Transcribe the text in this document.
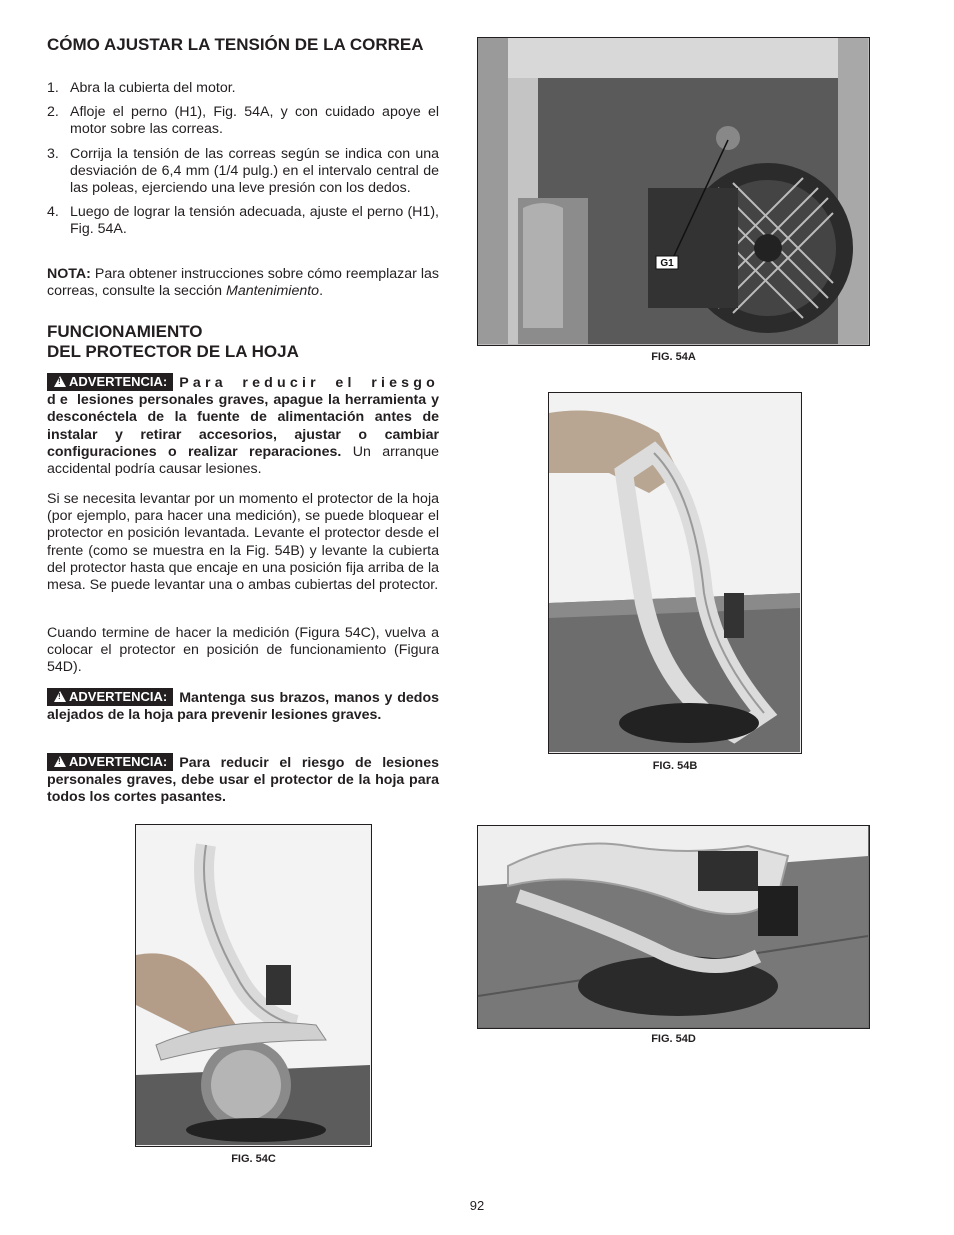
CÓMO AJUSTAR LA TENSIÓN DE LA CORREA
1. Abra la cubierta del motor.
2. Afloje el perno (H1), Fig. 54A, y con cuidado apoye el motor sobre las correas.
3. Corrija la tensión de las correas según se indica con una desviación de 6,4 mm (1/4 pulg.) en el intervalo central de las poleas, ejerciendo una leve presión con los dedos.
4. Luego de lograr la tensión adecuada, ajuste el perno (H1), Fig. 54A.

NOTA: Para obtener instrucciones sobre cómo reemplazar las correas, consulte la sección Mantenimiento.

FUNCIONAMIENTO
DEL PROTECTOR DE LA HOJA

!ADVERTENCIA: Para reducir el riesgo de lesiones personales graves, apague la herramienta y desconéctela de la fuente de alimentación antes de instalar y retirar accesorios, ajustar o cambiar configuraciones o realizar reparaciones. Un arranque accidental podría causar lesiones.

Si se necesita levantar por un momento el protector de la hoja (por ejemplo, para hacer una medición), se puede bloquear el protector en posición levantada. Levante el protector desde el frente (como se muestra en la Fig. 54B) y levante la cubierta del protector hasta que encaje en una posición fija arriba de la mesa. Se puede levantar una o ambas cubiertas del protector.

Cuando termine de hacer la medición (Figura 54C), vuelva a colocar el protector en posición de funcionamiento (Figura 54D).

!ADVERTENCIA: Mantenga sus brazos, manos y dedos alejados de la hoja para prevenir lesiones graves.

!ADVERTENCIA: Para reducir el riesgo de lesiones personales graves, debe usar el protector de la hoja para todos los cortes pasantes.

G1
FIG. 54A
FIG. 54B
FIG. 54C
FIG. 54D
92
